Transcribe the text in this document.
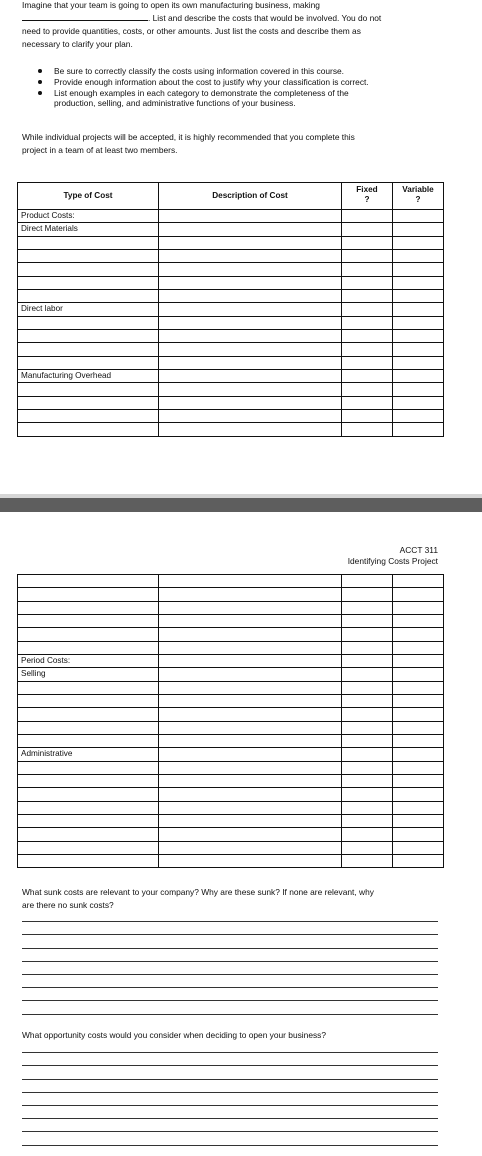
Imagine that your team is going to open its own manufacturing business, making
. List and describe the costs that would be involved. You do not
need to provide quantities, costs, or other amounts. Just list the costs and describe them as
necessary to clarify your plan.
Be sure to correctly classify the costs using information covered in this course.
Provide enough information about the cost to justify why your classification is correct.
List enough examples in each category to demonstrate the completeness of the
production, selling, and administrative functions of your business.
While individual projects will be accepted, it is highly recommended that you complete this
project in a team of at least two members.
Type of Cost	Description of Cost
Fixed
?
Variable
?
Product Costs:
Direct Materials
Direct labor
Manufacturing Overhead
ACCT 311
Identifying Costs Project
Period Costs:
Selling
Administrative
What sunk costs are relevant to your company? Why are these sunk? If none are relevant, why
are there no sunk costs?
What opportunity costs would you consider when deciding to open your business?
